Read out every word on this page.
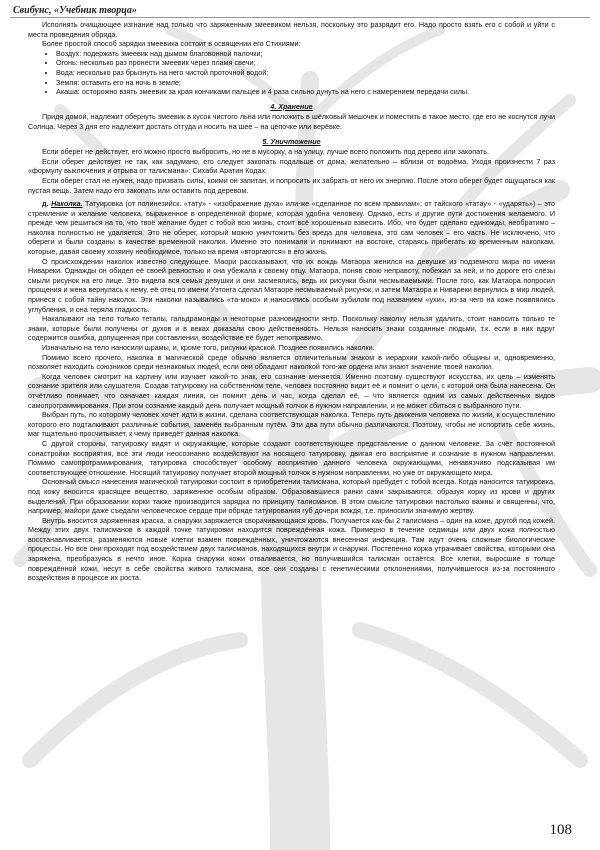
Свибунс, «Учебник творца»

Исполнять очищающее изгнание над только что заряженным змеевиком нельзя, поскольку это разрядит его. Надо просто взять его с собой и уйти с места проведения обряда.

Более простой способ зарядки змеевика состоит в освящении его Стихиями:

• Воздух: подержать змеевик над дымом благовонной палочки;
• Огонь: несколько раз пронести змеевик через пламя свечи;
• Вода: несколько раз брызнуть на него чистой проточной водой;
• Земля: оставить его на ночь в земле;
• Акаша: осторожно взять змеевик за края кончиками пальцев и 4 раза сильно дунуть на него с намерением передачи силы.
4. Хранение

Придя домой, надлежит обернуть змеевик в кусок чистого льна или положить в шёлковый мешочек и поместить в такое место, где его не коснутся лучи Солнца. Через 3 дня его надлежит достать оттуда и носить на шее – на цепочке или верёвке.

5. Уничтожение

Если оберег не действует, его можно просто выбросить, но не в мусорку, а на улицу, лучше всего положить под дерево или закопать.

Если оберег действует не так, как задумано, его следует закопать подальше от дома, желательно – вблизи от водоёма. Уходя произнести 7 раз «формулу выключения и отрыва от талисмана»: Сихаби Аратин Кодах.

Если оберег стал не нужен, надо призвать силы, коими он запитан, и попросить их забрать от него их энергию. После этого оберег будет ощущаться как пустая вещь. Затем надо его закопать или оставить под деревом.

д. Наколка. Татуировка (от полинезийск. «тату» - «изображение духа» или-же «сделанное по всем правилам»; от тайского «татау» - «ударять») – это стремление и желание человека, выраженное в определённой форме, которая удобна человеку. Однако, есть и другие пути достижения желаемого. И прежде чем решиться на то, что твоё желание будет с тобой всю жизнь, стоит всё хорошенько взвесить. Ибо, что будет сделано единожды, необратимо – наколка полностью не удаляется. Это не оберег, который можно уничтожить без вреда для человека, это сам человек – его часть. Не исключено, что обереги и были созданы в качестве временной наколки. Именно это понимали и понимают на востоке, стараясь прибегать ко временным наколкам, которые, давая своему хозяину необходимое, только на время «вторгаются» в его жизнь.

О происхождении наколок известно следующее. Маори рассказывают, что их вождь Матаора женился на девушке из подземного мира по имени Нивареки. Однажды он обидел её своей ревностью и она убежала к своему отцу. Матаора, поняв свою неправоту, побежал за ней, и по дороге его слёзы смыли рисунок на его лице. Это видела вся семья девушки и они засмеялись, ведь их рисунки были несмываемыми. После того, как Матаора попросил прощения и жена вернулась к нему, её отец по имени Уэтонга сделал Матаоре несмываемый рисунок, и затем Матаора и Нивареки вернулись в мир людей, принеся с собой тайну наколок. Эти наколки назывались «та-моко» и наносились особым зубилом под названием «ухи», из-за чего на коже появлялись углубления, и она теряла гладкость.

Накалывают на тело только теталы, гальдрамонды и некоторые разновидности янтр. Поскольку наколку нельзя удалить, стоит наносить только те знаки, которые были получены от духов и в веках доказали свою действенность. Нельзя наносить знаки созданные людьми, т.к. если в них вдруг содержится ошибка, допущенная при составлении, воздействие её будет непоправимо.

Изначально на тело наносили шрамы, и, кроме того, рисунки краской. Позднее появились наколки.

Помимо всего прочего, наколка в магической среде обычно является отличительным знаком в иерархии какой-либо общины и, одновременно, позволяет находить союзников среди незнакомых людей, если они обладают наколкой того-же ордена или знают значение твоей наколки.

Когда человек смотрит на картину или изучает какой-то знак, его сознание меняется. Именно поэтому существуют искусства, их цель – изменять сознание зрителя или слушателя. Создав татуировку на собственном теле, человек постоянно видит её и помнит о цели, с которой она была нанесена. Он отчётливо понимает, что означает каждая линия, он помнит день и час, когда сделал её, – что является одним из самых действенных видов самопрограммирования. При этом сознание каждый день получает мощный толчок в нужном направлении, и не может сбиться с выбранного пути.

Выбран путь, по которому человек хочет идти в жизни, сделана соответствующая наколка. Теперь путь движения человека по жизни, к осуществлению которого его подталкивают различные события, заменён выбранным путём. Эти два пути обычно различаются. Поэтому, чтобы не испортить себе жизнь, маг тщательно просчитывает, к чему приведёт данная наколка.

С другой стороны, татуировку видят и окружающие, которые создают соответствующее представление о данном человеке. За счёт постоянной сонастройки восприятия, все эти люди неосознанно воздействуют на носящего татуировку, двигая его восприятие и сознание в нужном направлении. Помимо самопрограммирования, татуировка способствует особому восприятию данного человека окружающими, ненавязчиво подсказывая им соответствующее отношение. Носящий татуировку получает второй мощный толчок в нужном направлении, но уже от окружающего мира.

Основный смысл нанесения магической татуировки состоит в приобретении талисмана, который пребудет с тобой всегда. Когда наносится татуировка, под кожу вносится красящее вещество, заряженное особым образом. Образовавшиеся ранки сами закрываются, образуя корку из крови и других выделений. При образовании корки также производится зарядка по принципу талисманов. В этом смысле татуировки настолько важны и священны, что, например, майори даже съедали человеческое сердце при обряде татуирования губ дочери вождя, т.е. приносили значимую жертву.

Внутрь вносится заряженная краска, а снаружи заряжается сворачивающаяся кровь. Получается как-бы 2 талисмана – один на коже, другой под кожей. Между этих двух талисманов в каждой точке татуировки находится повреждённая кожа. Примерно в течение седмицы или двух кожа полностью восстанавливается, разменяются новые клетки взамен повреждённых, уничтожаются внесенная инфекция. Там идут очень сложные биологические процессы. Но все они проходят под воздействием двух талисманов, находящихся внутри и снаружи. Постепенно корка утрачивает свойства, которыми она заряжена, преобразуясь в нечто иное. Корка снаружи кожи отваливается, но получившийся талисман остаётся. Все клетки, выросшие в толще повреждённой кожи, несут в себе свойства живого талисмана, все они созданы с генетическими отклонениями, получившегося из-за постоянного воздействия в процессе их роста.

108
